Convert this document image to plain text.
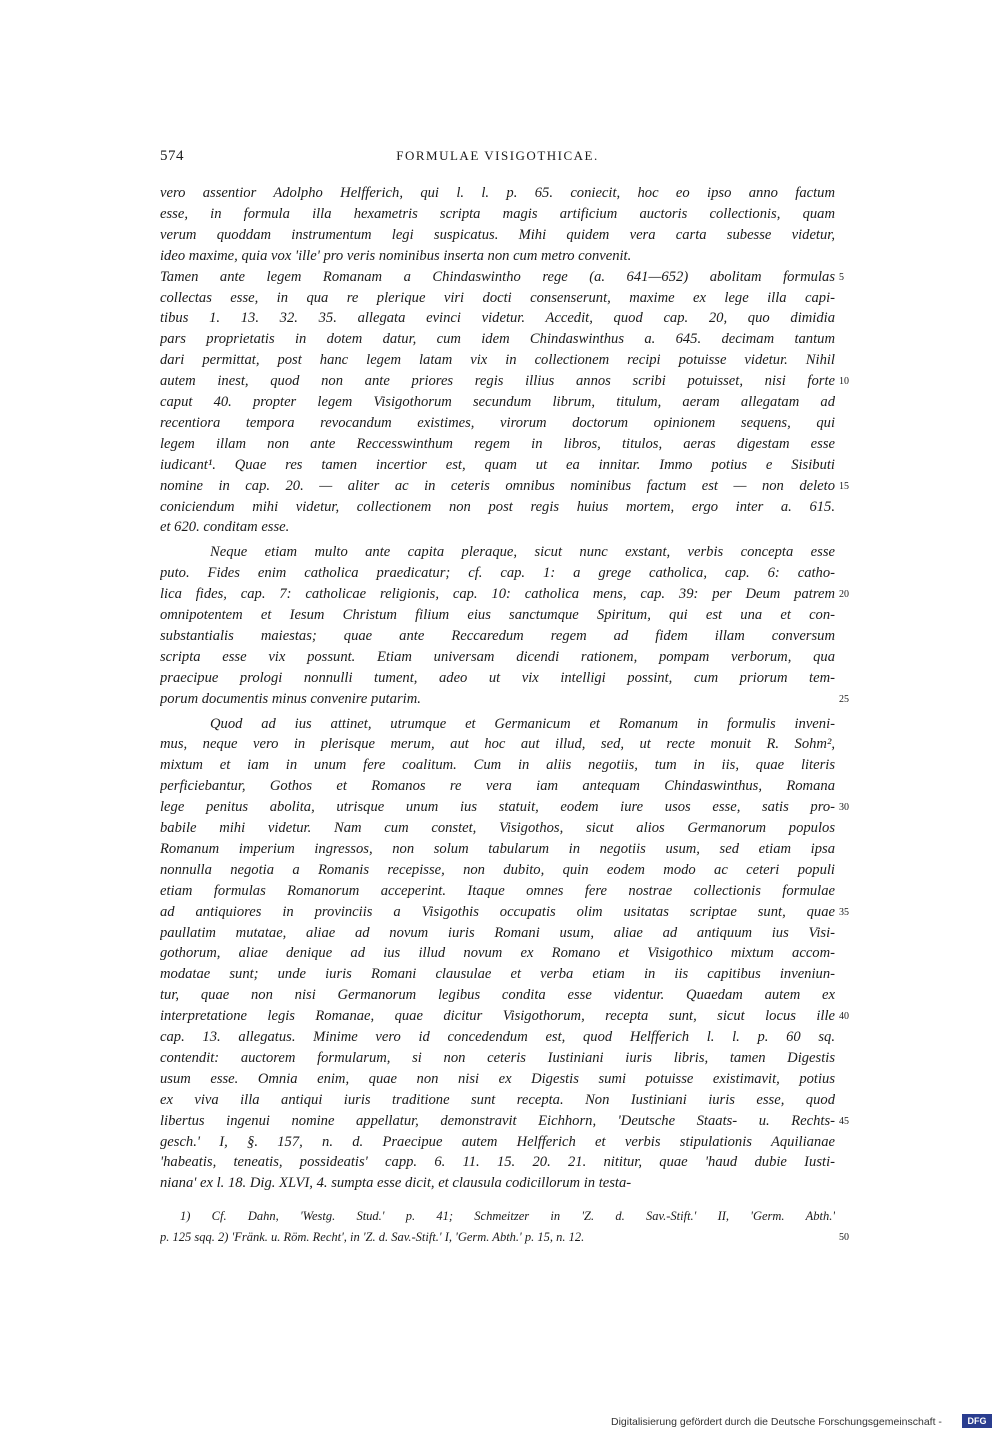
574	FORMULAE VISIGOTHICAE.
vero assentior Adolpho Helfferich, qui l. l. p. 65. coniecit, hoc eo ipso anno factum
esse, in formula illa hexametris scripta magis artificium auctoris collectionis, quam
verum quoddam instrumentum legi suspicatus. Mihi quidem vera carta subesse videtur,
ideo maxime, quia vox 'ille' pro veris nominibus inserta non cum metro convenit.
Tamen ante legem Romanam a Chindaswintho rege (a. 641—652) abolitam formulas 5
collectas esse, in qua re plerique viri docti consenserunt, maxime ex lege illa capi-
tibus 1. 13. 32. 35. allegata evinci videtur. Accedit, quod cap. 20, quo dimidia
pars proprietatis in dotem datur, cum idem Chindaswinthus a. 645. decimam tantum
dari permittat, post hanc legem latam vix in collectionem recipi potuisse videtur. Nihil
autem inest, quod non ante priores regis illius annos scribi potuisset, nisi forte 10
caput 40. propter legem Visigothorum secundum librum, titulum, aeram allegatam ad
recentiora tempora revocandum existimes, virorum doctorum opinionem sequens, qui
legem illam non ante Reccesswinthum regem in libros, titulos, aeras digestam esse
iudicant¹. Quae res tamen incertior est, quam ut ea innitar. Immo potius e Sisibuti
nomine in cap. 20. — aliter ac in ceteris omnibus nominibus factum est — non deleto 15
coniciendum mihi videtur, collectionem non post regis huius mortem, ergo inter a. 615.
et 620. conditam esse.
Neque etiam multo ante capita pleraque, sicut nunc exstant, verbis concepta esse
puto. Fides enim catholica praedicatur; cf. cap. 1: a grege catholica, cap. 6: catho-
lica fides, cap. 7: catholicae religionis, cap. 10: catholica mens, cap. 39: per Deum patrem 20
omnipotentem et Iesum Christum filium eius sanctumque Spiritum, qui est una et con-
substantialis maiestas; quae ante Reccaredum regem ad fidem illam conversum
scripta esse vix possunt. Etiam universam dicendi rationem, pompam verborum, qua
praecipue prologi nonnulli tument, adeo ut vix intelligi possint, cum priorum tem-
porum documentis minus convenire putarim.	25
Quod ad ius attinet, utrumque et Germanicum et Romanum in formulis inveni-
mus, neque vero in plerisque merum, aut hoc aut illud, sed, ut recte monuit R. Sohm²,
mixtum et iam in unum fere coalitum. Cum in aliis negotiis, tum in iis, quae literis
perficiebantur, Gothos et Romanos re vera iam antequam Chindaswinthus, Romana
lege penitus abolita, utrisque unum ius statuit, eodem iure usos esse, satis pro- 30
babile mihi videtur. Nam cum constet, Visigothos, sicut alios Germanorum populos
Romanum imperium ingressos, non solum tabularum in negotiis usum, sed etiam ipsa
nonnulla negotia a Romanis recepisse, non dubito, quin eodem modo ac ceteri populi
etiam formulas Romanorum acceperint. Itaque omnes fere nostrae collectionis formulae
ad antiquiores in provinciis a Visigothis occupatis olim usitatas scriptae sunt, quae 35
paullatim mutatae, aliae ad novum iuris Romani usum, aliae ad antiquum ius Visi-
gothorum, aliae denique ad ius illud novum ex Romano et Visigothico mixtum accom-
modatae sunt; unde iuris Romani clausulae et verba etiam in iis capitibus inveniun-
tur, quae non nisi Germanorum legibus condita esse videntur. Quaedam autem ex
interpretatione legis Romanae, quae dicitur Visigothorum, recepta sunt, sicut locus ille 40
cap. 13. allegatus. Minime vero id concedendum est, quod Helfferich l. l. p. 60 sq.
contendit: auctorem formularum, si non ceteris Iustiniani iuris libris, tamen Digestis
usum esse. Omnia enim, quae non nisi ex Digestis sumi potuisse existimavit, potius
ex viva illa antiqui iuris traditione sunt recepta. Non Iustiniani iuris esse, quod
libertus ingenui nomine appellatur, demonstravit Eichhorn, 'Deutsche Staats- u. Rechts- 45
gesch.' I, §. 157, n. d. Praecipue autem Helfferich et verbis stipulationis Aquilianae
'habeatis, teneatis, possideatis' capp. 6. 11. 15. 20. 21. nititur, quae 'haud dubie Iusti-
niana' ex l. 18. Dig. XLVI, 4. sumpta esse dicit, et clausula codicillorum in testa-
1) Cf. Dahn, 'Westg. Stud.' p. 41; Schmeitzer in 'Z. d. Sav.-Stift.' II, 'Germ. Abth.'
p. 125 sqq. 2) 'Fränk. u. Röm. Recht', in 'Z. d. Sav.-Stift.' I, 'Germ. Abth.' p. 15, n. 12.	50
Digitalisierung gefördert durch die Deutsche Forschungsgemeinschaft -	DFG
